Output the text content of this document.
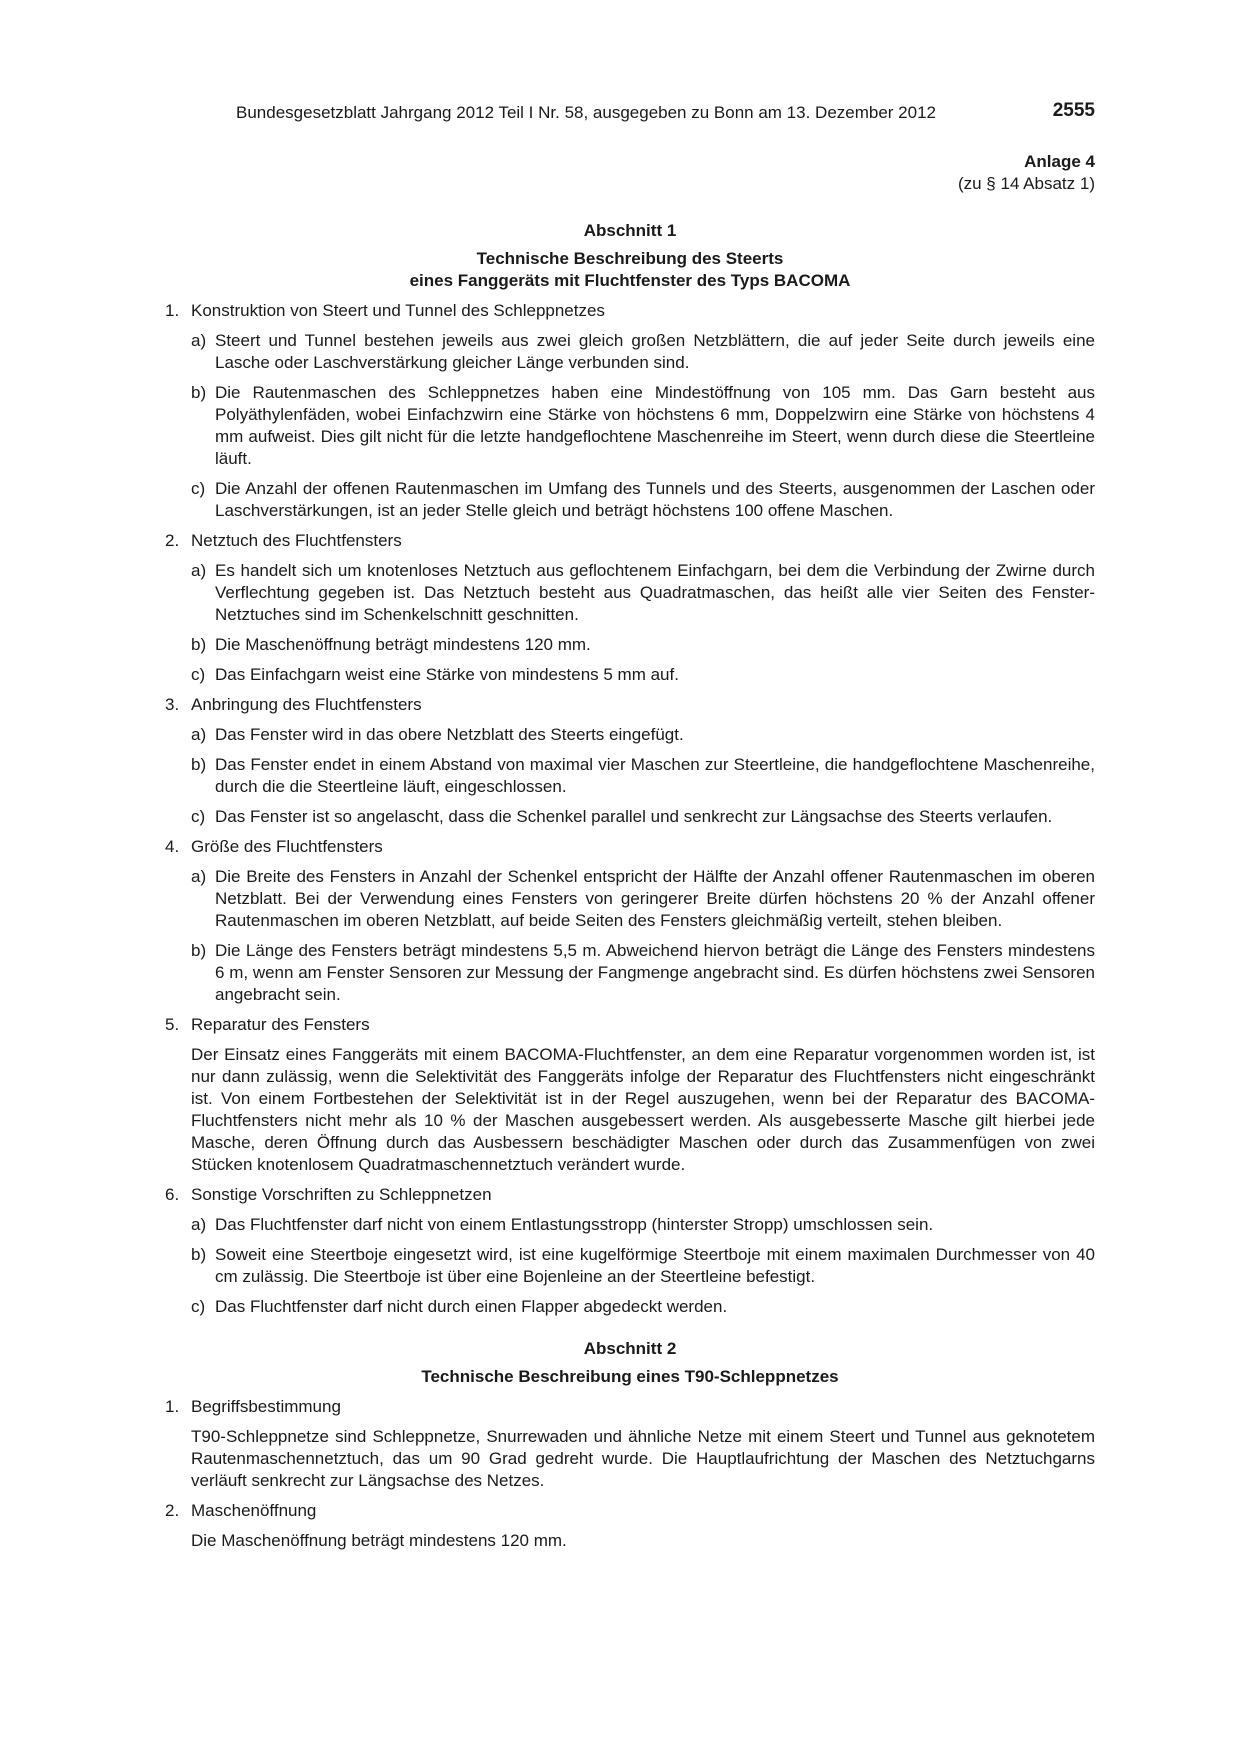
Bundesgesetzblatt Jahrgang 2012 Teil I Nr. 58, ausgegeben zu Bonn am 13. Dezember 2012	2555
Anlage 4
(zu § 14 Absatz 1)
Abschnitt 1
Technische Beschreibung des Steerts
eines Fanggeräts mit Fluchtfenster des Typs BACOMA
1. Konstruktion von Steert und Tunnel des Schleppnetzes
a) Steert und Tunnel bestehen jeweils aus zwei gleich großen Netzblättern, die auf jeder Seite durch jeweils eine Lasche oder Laschverstärkung gleicher Länge verbunden sind.
b) Die Rautenmaschen des Schleppnetzes haben eine Mindestöffnung von 105 mm. Das Garn besteht aus Polyäthylenfäden, wobei Einfachzwirn eine Stärke von höchstens 6 mm, Doppelzwirn eine Stärke von höchstens 4 mm aufweist. Dies gilt nicht für die letzte handgeflochtene Maschenreihe im Steert, wenn durch diese die Steertleine läuft.
c) Die Anzahl der offenen Rautenmaschen im Umfang des Tunnels und des Steerts, ausgenommen der Laschen oder Laschverstärkungen, ist an jeder Stelle gleich und beträgt höchstens 100 offene Maschen.
2. Netztuch des Fluchtfensters
a) Es handelt sich um knotenloses Netztuch aus geflochtenem Einfachgarn, bei dem die Verbindung der Zwirne durch Verflechtung gegeben ist. Das Netztuch besteht aus Quadratmaschen, das heißt alle vier Seiten des Fenster-Netztuches sind im Schenkelschnitt geschnitten.
b) Die Maschenöffnung beträgt mindestens 120 mm.
c) Das Einfachgarn weist eine Stärke von mindestens 5 mm auf.
3. Anbringung des Fluchtfensters
a) Das Fenster wird in das obere Netzblatt des Steerts eingefügt.
b) Das Fenster endet in einem Abstand von maximal vier Maschen zur Steertleine, die handgeflochtene Maschenreihe, durch die die Steertleine läuft, eingeschlossen.
c) Das Fenster ist so angelascht, dass die Schenkel parallel und senkrecht zur Längsachse des Steerts verlaufen.
4. Größe des Fluchtfensters
a) Die Breite des Fensters in Anzahl der Schenkel entspricht der Hälfte der Anzahl offener Rautenmaschen im oberen Netzblatt. Bei der Verwendung eines Fensters von geringerer Breite dürfen höchstens 20 % der Anzahl offener Rautenmaschen im oberen Netzblatt, auf beide Seiten des Fensters gleichmäßig verteilt, stehen bleiben.
b) Die Länge des Fensters beträgt mindestens 5,5 m. Abweichend hiervon beträgt die Länge des Fensters mindestens 6 m, wenn am Fenster Sensoren zur Messung der Fangmenge angebracht sind. Es dürfen höchstens zwei Sensoren angebracht sein.
5. Reparatur des Fensters
Der Einsatz eines Fanggeräts mit einem BACOMA-Fluchtfenster, an dem eine Reparatur vorgenommen worden ist, ist nur dann zulässig, wenn die Selektivität des Fanggeräts infolge der Reparatur des Fluchtfensters nicht eingeschränkt ist. Von einem Fortbestehen der Selektivität ist in der Regel auszugehen, wenn bei der Reparatur des BACOMA-Fluchtfensters nicht mehr als 10 % der Maschen ausgebessert werden. Als ausgebesserte Masche gilt hierbei jede Masche, deren Öffnung durch das Ausbessern beschädigter Maschen oder durch das Zusammenfügen von zwei Stücken knotenlosem Quadratmaschennetztuch verändert wurde.
6. Sonstige Vorschriften zu Schleppnetzen
a) Das Fluchtfenster darf nicht von einem Entlastungsstropp (hinterster Stropp) umschlossen sein.
b) Soweit eine Steertboje eingesetzt wird, ist eine kugelförmige Steertboje mit einem maximalen Durchmesser von 40 cm zulässig. Die Steertboje ist über eine Bojenleine an der Steertleine befestigt.
c) Das Fluchtfenster darf nicht durch einen Flapper abgedeckt werden.
Abschnitt 2
Technische Beschreibung eines T90-Schleppnetzes
1. Begriffsbestimmung
T90-Schleppnetze sind Schleppnetze, Snurrewaden und ähnliche Netze mit einem Steert und Tunnel aus geknotetem Rautenmaschennetztuch, das um 90 Grad gedreht wurde. Die Hauptlaufrichtung der Maschen des Netztuchgarns verläuft senkrecht zur Längsachse des Netzes.
2. Maschenöffnung
Die Maschenöffnung beträgt mindestens 120 mm.
